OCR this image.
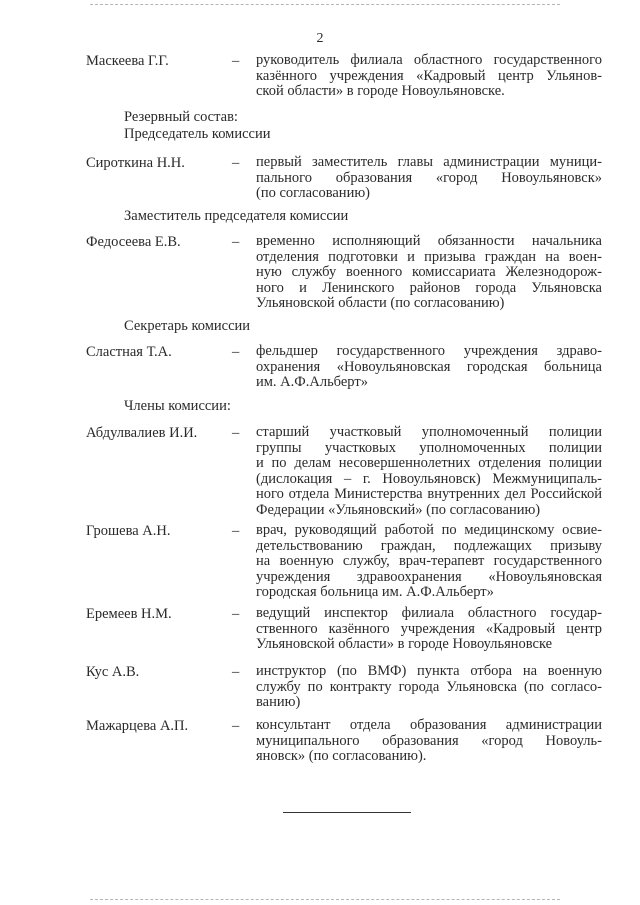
2
Маскеева Г.Г.	– руководитель филиала областного государственного
казённого учреждения «Кадровый центр Ульянов-
ской области» в городе Новоульяновске.
Резервный состав:
Председатель комиссии
Сироткина Н.Н.	– первый заместитель главы администрации муници-
пального образования «город Новоульяновск»
(по согласованию)
Заместитель председателя комиссии
Федосеева Е.В.	– временно исполняющий обязанности начальника
отделения подготовки и призыва граждан на воен-
ную службу военного комиссариата Железнодорож-
ного и Ленинского районов города Ульяновска
Ульяновской области (по согласованию)
Секретарь комиссии
Сластная Т.А.	– фельдшер государственного учреждения здраво-
охранения «Новоульяновская городская больница
им. А.Ф.Альберт»
Члены комиссии:
Абдулвалиев И.И. – старший участковый уполномоченный полиции
группы участковых уполномоченных полиции
и по делам несовершеннолетних отделения полиции
(дислокация – г. Новоульяновск) Межмуниципаль-
ного отдела Министерства внутренних дел Российской
Федерации «Ульяновский» (по согласованию)
Грошева А.Н.	– врач, руководящий работой по медицинскому освие-
детельствованию граждан, подлежащих призыву
на военную службу, врач-терапевт государственного
учреждения здравоохранения «Новоульяновская
городская больница им. А.Ф.Альберт»
Еремеев Н.М.	– ведущий инспектор филиала областного государ-
ственного казённого учреждения «Кадровый центр
Ульяновской области» в городе Новоульяновске
Кус А.В.	– инструктор (по ВМФ) пункта отбора на военную
службу по контракту города Ульяновска (по согласо-
ванию)
Мажарцева А.П.	– консультант отдела образования администрации
муниципального образования «город Новоуль-
яновск» (по согласованию).
